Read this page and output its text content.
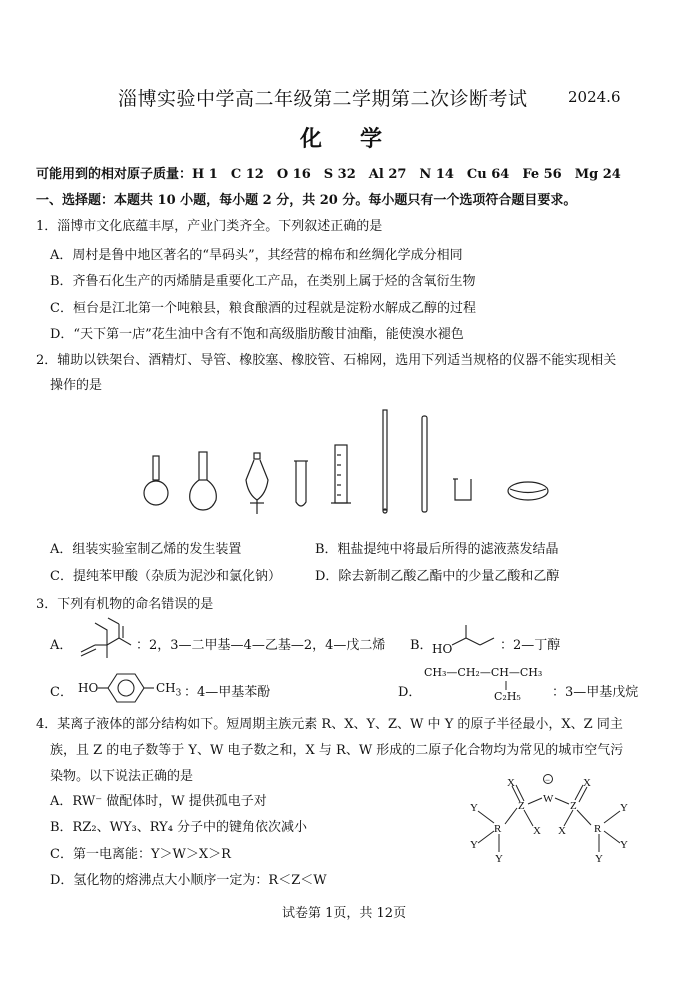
淄博实验中学高二年级第二学期第二次诊断考试	2024.6
化学
可能用到的相对原子质量：H 1　C 12　O 16　S 32　Al 27　N 14　Cu 64　Fe 56　Mg 24
一、选择题：本题共 10 小题，每小题 2 分，共 20 分。每小题只有一个选项符合题目要求。
1．淄博市文化底蕴丰厚，产业门类齐全。下列叙述正确的是
A．周村是鲁中地区著名的“旱码头”，其经营的棉布和丝绸化学成分相同
B．齐鲁石化生产的丙烯腈是重要化工产品，在类别上属于烃的含氧衍生物
C．桓台是江北第一个吨粮县，粮食酿酒的过程就是淀粉水解成乙醇的过程
D．“天下第一店”花生油中含有不饱和高级脂肪酸甘油酯，能使溴水褪色
2．辅助以铁架台、酒精灯、导管、橡胶塞、橡胶管、石棉网，选用下列适当规格的仪器不能实现相关
操作的是
A．组装实验室制乙烯的发生装置	B．粗盐提纯中将最后所得的滤液蒸发结晶
C．提纯苯甲酸（杂质为泥沙和氯化钠）	D．除去新制乙酸乙酯中的少量乙酸和乙醇
3．下列有机物的命名错误的是
A．	：2，3—二甲基—4—乙基—2，4—戊二烯 B． HO	：2—丁醇
C． HO	$CH_3$ ：4—甲基苯酚	D．
CH₃—CH₂—CH—CH₃
C₂H₅ ：3—甲基戊烷
4．某离子液体的部分结构如下。短周期主族元素 R、X、Y、Z、W 中 Y 的原子半径最小，X、Z 同主
族，且 Z 的电子数等于 Y、W 电子数之和，X 与 R、W 形成的二原子化合物均为常见的城市空气污
染物。以下说法正确的是
A．RW⁻ 做配体时，W 提供孤电子对
B．RZ₂、WY₃、RY₄ 分子中的键角依次减小
C．第一电离能：Y＞W＞X＞R
D．氢化物的熔沸点大小顺序一定为：R＜Z＜W
Y
Y
R
Y
X
Z
X
W
−	X
Z
X	R
Y
Y
Y
试卷第 1页，共 12页
